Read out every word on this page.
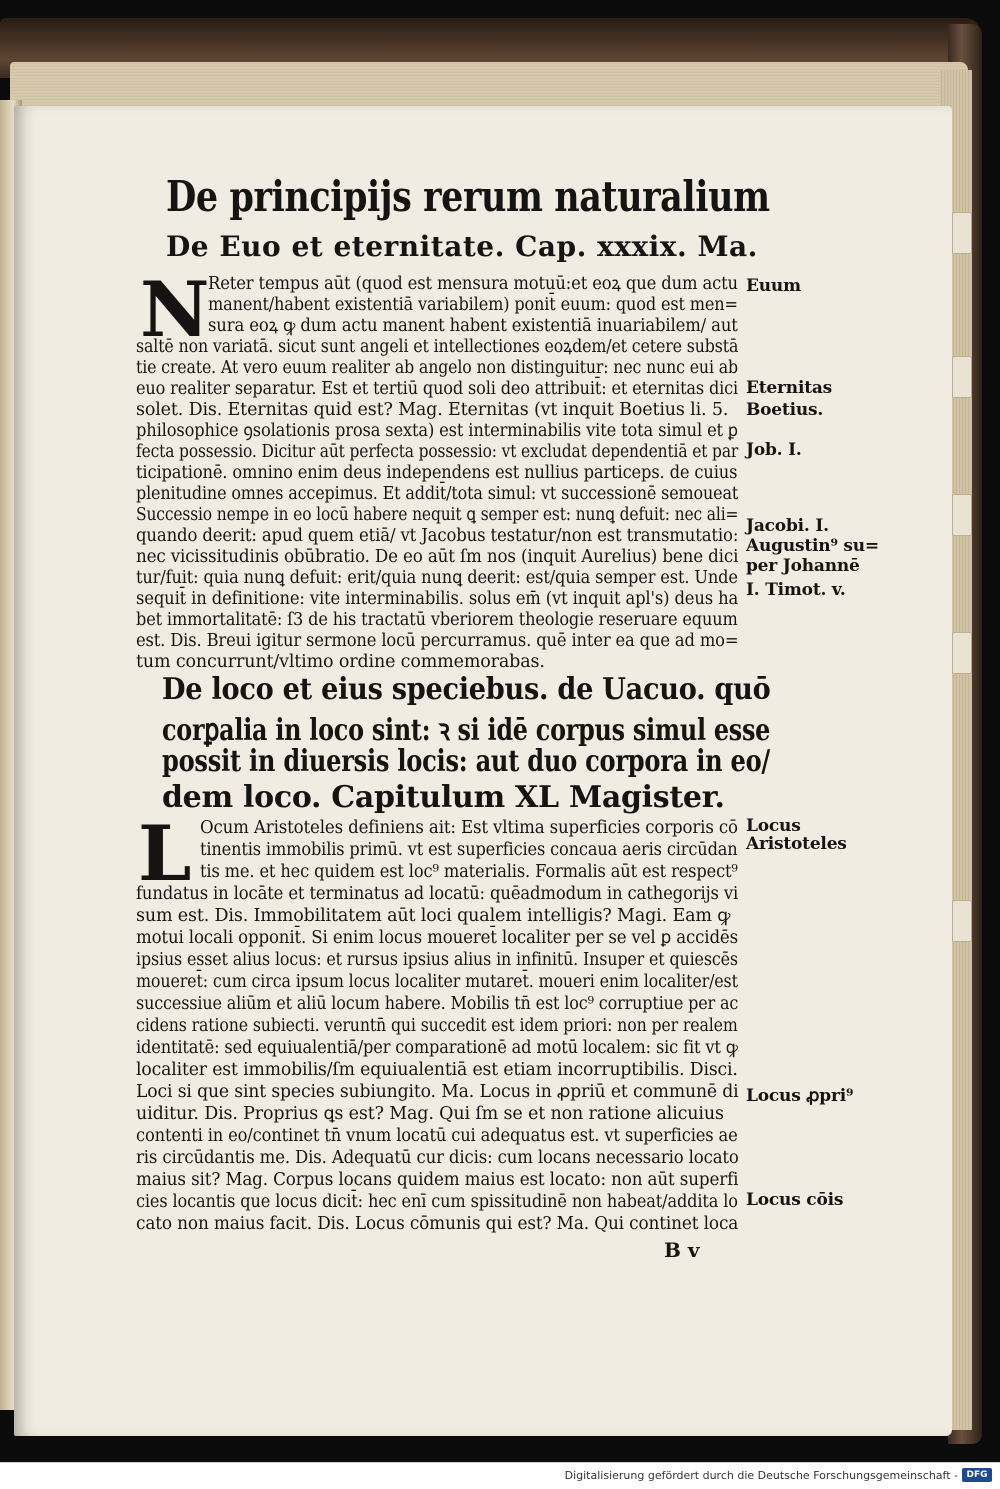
De principijs rerum naturalium
De Euo et eternitate. Cap. xxxix. Ma.
N
Reter tempus aūt (quod est mensura motuū:et eoꝝ que dum actu
manent/habent existentiā variabilem) ponit̄ euum: quod est men=
sura eoꝝ ꝙ dum actu manent habent existentiā inuariabilem/ aut
saltē non variatā. sicut sunt angeli et intellectiones eoꝝdem/et cetere substā
tie create. At vero euum realiter ab angelo non distinguitur: nec nunc eui ab
euo realiter separatur. Est et tertiū quod soli deo attribuit̄: et eternitas dici
solet. Dis. Eternitas quid est? Mag. Eternitas (vt inquit Boetius li. 5.
philosophice ꝯsolationis prosa sexta) est interminabilis vite tota simul et ꝑ
fecta possessio. Dicitur aūt perfecta possessio: vt excludat dependentiā et par
ticipationē. omnino enim deus independens est nullius particeps. de cuius
plenitudine omnes accepimus. Et addit̄/tota simul: vt successionē semoueat
Successio nempe in eo locū habere nequit ꝗ semper est: nunꝗ defuit: nec ali=
quando deerit: apud quem etiā/ vt Jacobus testatur/non est transmutatio:
nec vicissitudinis obūbratio. De eo aūt ſm nos (inquit Aurelius) bene dici
tur/fuit: quia nunꝗ defuit: erit/quia nunꝗ deerit: est/quia semper est. Unde
sequit̄ in definitione: vite interminabilis. solus em̄ (vt inquit apl's) deus ha
bet immortalitatē: ſ3 de his tractatū vberiorem theologie reseruare equum
est. Dis. Breui igitur sermone locū percurramus. quē inter ea que ad mo=
tum concurrunt/vltimo ordine commemorabas.
Euum
Eternitas
Boetius.
Job. I.
Jacobi. I.
Augustin⁹ su=
per Johannē
I. Timot. v.
De loco et eius speciebus. de Uacuo. quō
corꝑalia in loco sint: ꝛ si idē corpus simul esse
possit in diuersis locis: aut duo corpora in eo/
dem loco. Capitulum XL Magister.
L Ocum Aristoteles definiens ait: Est vltima superficies corporis cō
tinentis immobilis primū. vt est superficies concaua aeris circūdan
tis me. et hec quidem est loc⁹ materialis. Formalis aūt est respect⁹
fundatus in locāte et terminatus ad locatū: quēadmodum in cathegorijs vi
sum est. Dis. Immobilitatem aūt loci qualem intelligis? Magi. Eam ꝙ
motui locali opponit̄. Si enim locus moueret̄ localiter per se vel ꝑ accidēs
ipsius esset alius locus: et rursus ipsius alius in infinitū. Insuper et quiescēs
moueret̄: cum circa ipsum locus localiter mutaret̄. moueri enim localiter/est
successiue aliūm et aliū locum habere. Mobilis tn̄ est loc⁹ corruptiue per ac
cidens ratione subiecti. veruntn̄ qui succedit est idem priori: non per realem
identitatē: sed equiualentiā/per comparationē ad motū localem: sic fit vt ꝙ
localiter est immobilis/ſm equiualentiā est etiam incorruptibilis. Disci.
Loci si que sint species subiungito. Ma. Locus in ꝓpriū et communē di
uiditur. Dis. Proprius ꝗs est? Mag. Qui ſm se et non ratione alicuius
contenti in eo/continet tn̄ vnum locatū cui adequatus est. vt superficies ae
ris circūdantis me. Dis. Adequatū cur dicis: cum locans necessario locato
maius sit? Mag. Corpus locans quidem maius est locato: non aūt superfi
cies locantis que locus dicit̄: hec enī cum spissitudinē non habeat/addita lo
cato non maius facit. Dis. Locus cōmunis qui est? Ma. Qui continet loca
Locus
Aristoteles
Locus ꝓpri⁹
Locus cōis
B v
Digitalisierung gefördert durch die Deutsche Forschungsgemeinschaft - DFG
